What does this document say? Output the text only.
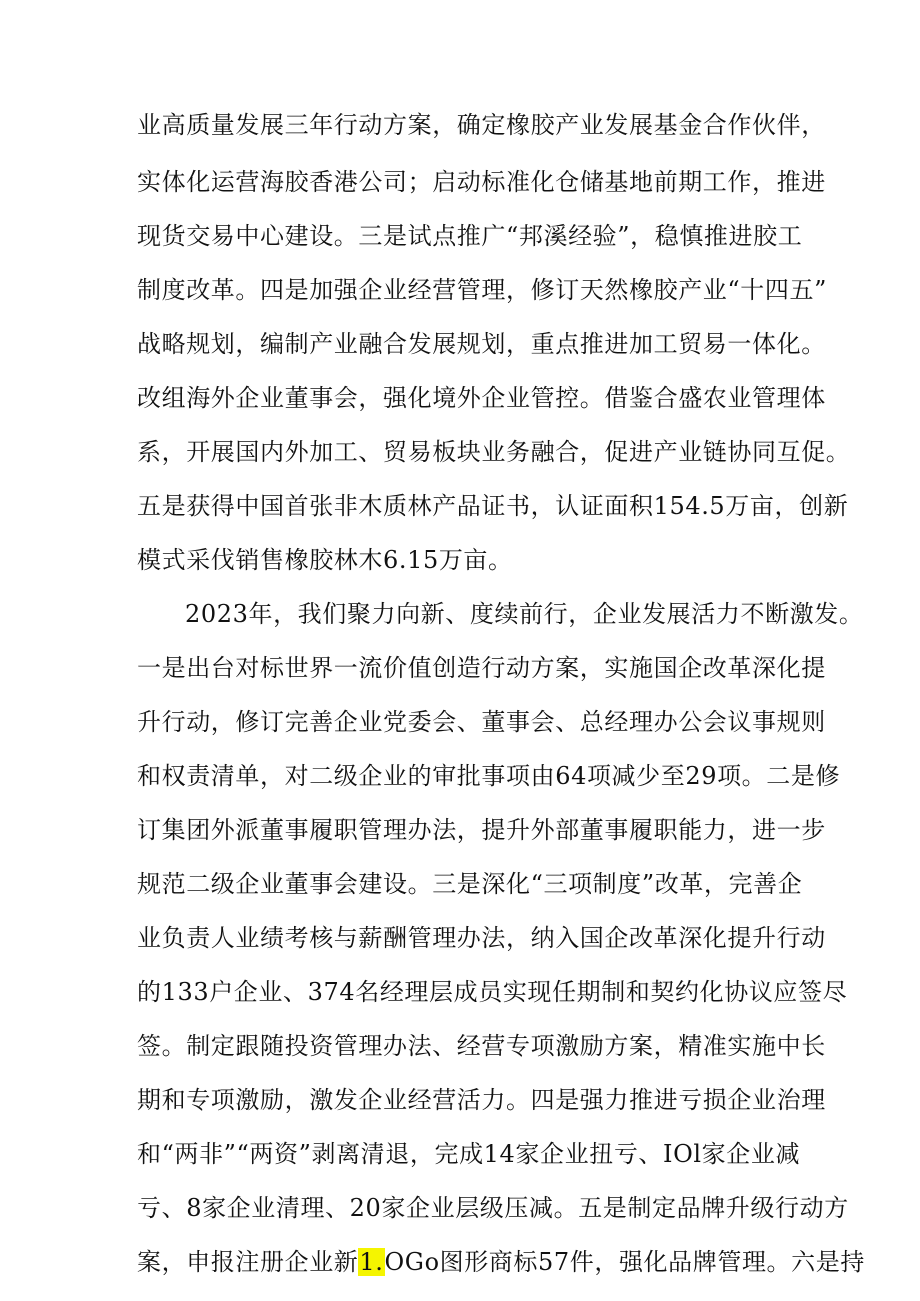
业高质量发展三年行动方案，确定橡胶产业发展基金合作伙伴，
实体化运营海胶香港公司；启动标准化仓储基地前期工作，推进
现货交易中心建设。三是试点推广“邦溪经验”，稳慎推进胶工
制度改革。四是加强企业经营管理，修订天然橡胶产业“十四五”
战略规划，编制产业融合发展规划，重点推进加工贸易一体化。
改组海外企业董事会，强化境外企业管控。借鉴合盛农业管理体
系，开展国内外加工、贸易板块业务融合，促进产业链协同互促。
五是获得中国首张非木质林产品证书，认证面积154.5万亩，创新
模式采伐销售橡胶林木6.15万亩。
2023年，我们聚力向新、度续前行，企业发展活力不断激发。
一是出台对标世界一流价值创造行动方案，实施国企改革深化提
升行动，修订完善企业党委会、董事会、总经理办公会议事规则
和权责清单，对二级企业的审批事项由64项减少至29项。二是修
订集团外派董事履职管理办法，提升外部董事履职能力，进一步
规范二级企业董事会建设。三是深化“三项制度”改革，完善企
业负责人业绩考核与薪酬管理办法，纳入国企改革深化提升行动
的133户企业、374名经理层成员实现任期制和契约化协议应签尽
签。制定跟随投资管理办法、经营专项激励方案，精准实施中长
期和专项激励，激发企业经营活力。四是强力推进亏损企业治理
和“两非”“两资”剥离清退，完成14家企业扭亏、IOl家企业减
亏、8家企业清理、20家企业层级压减。五是制定品牌升级行动方
案，申报注册企业新1.OGo图形商标57件，强化品牌管理。六是持
